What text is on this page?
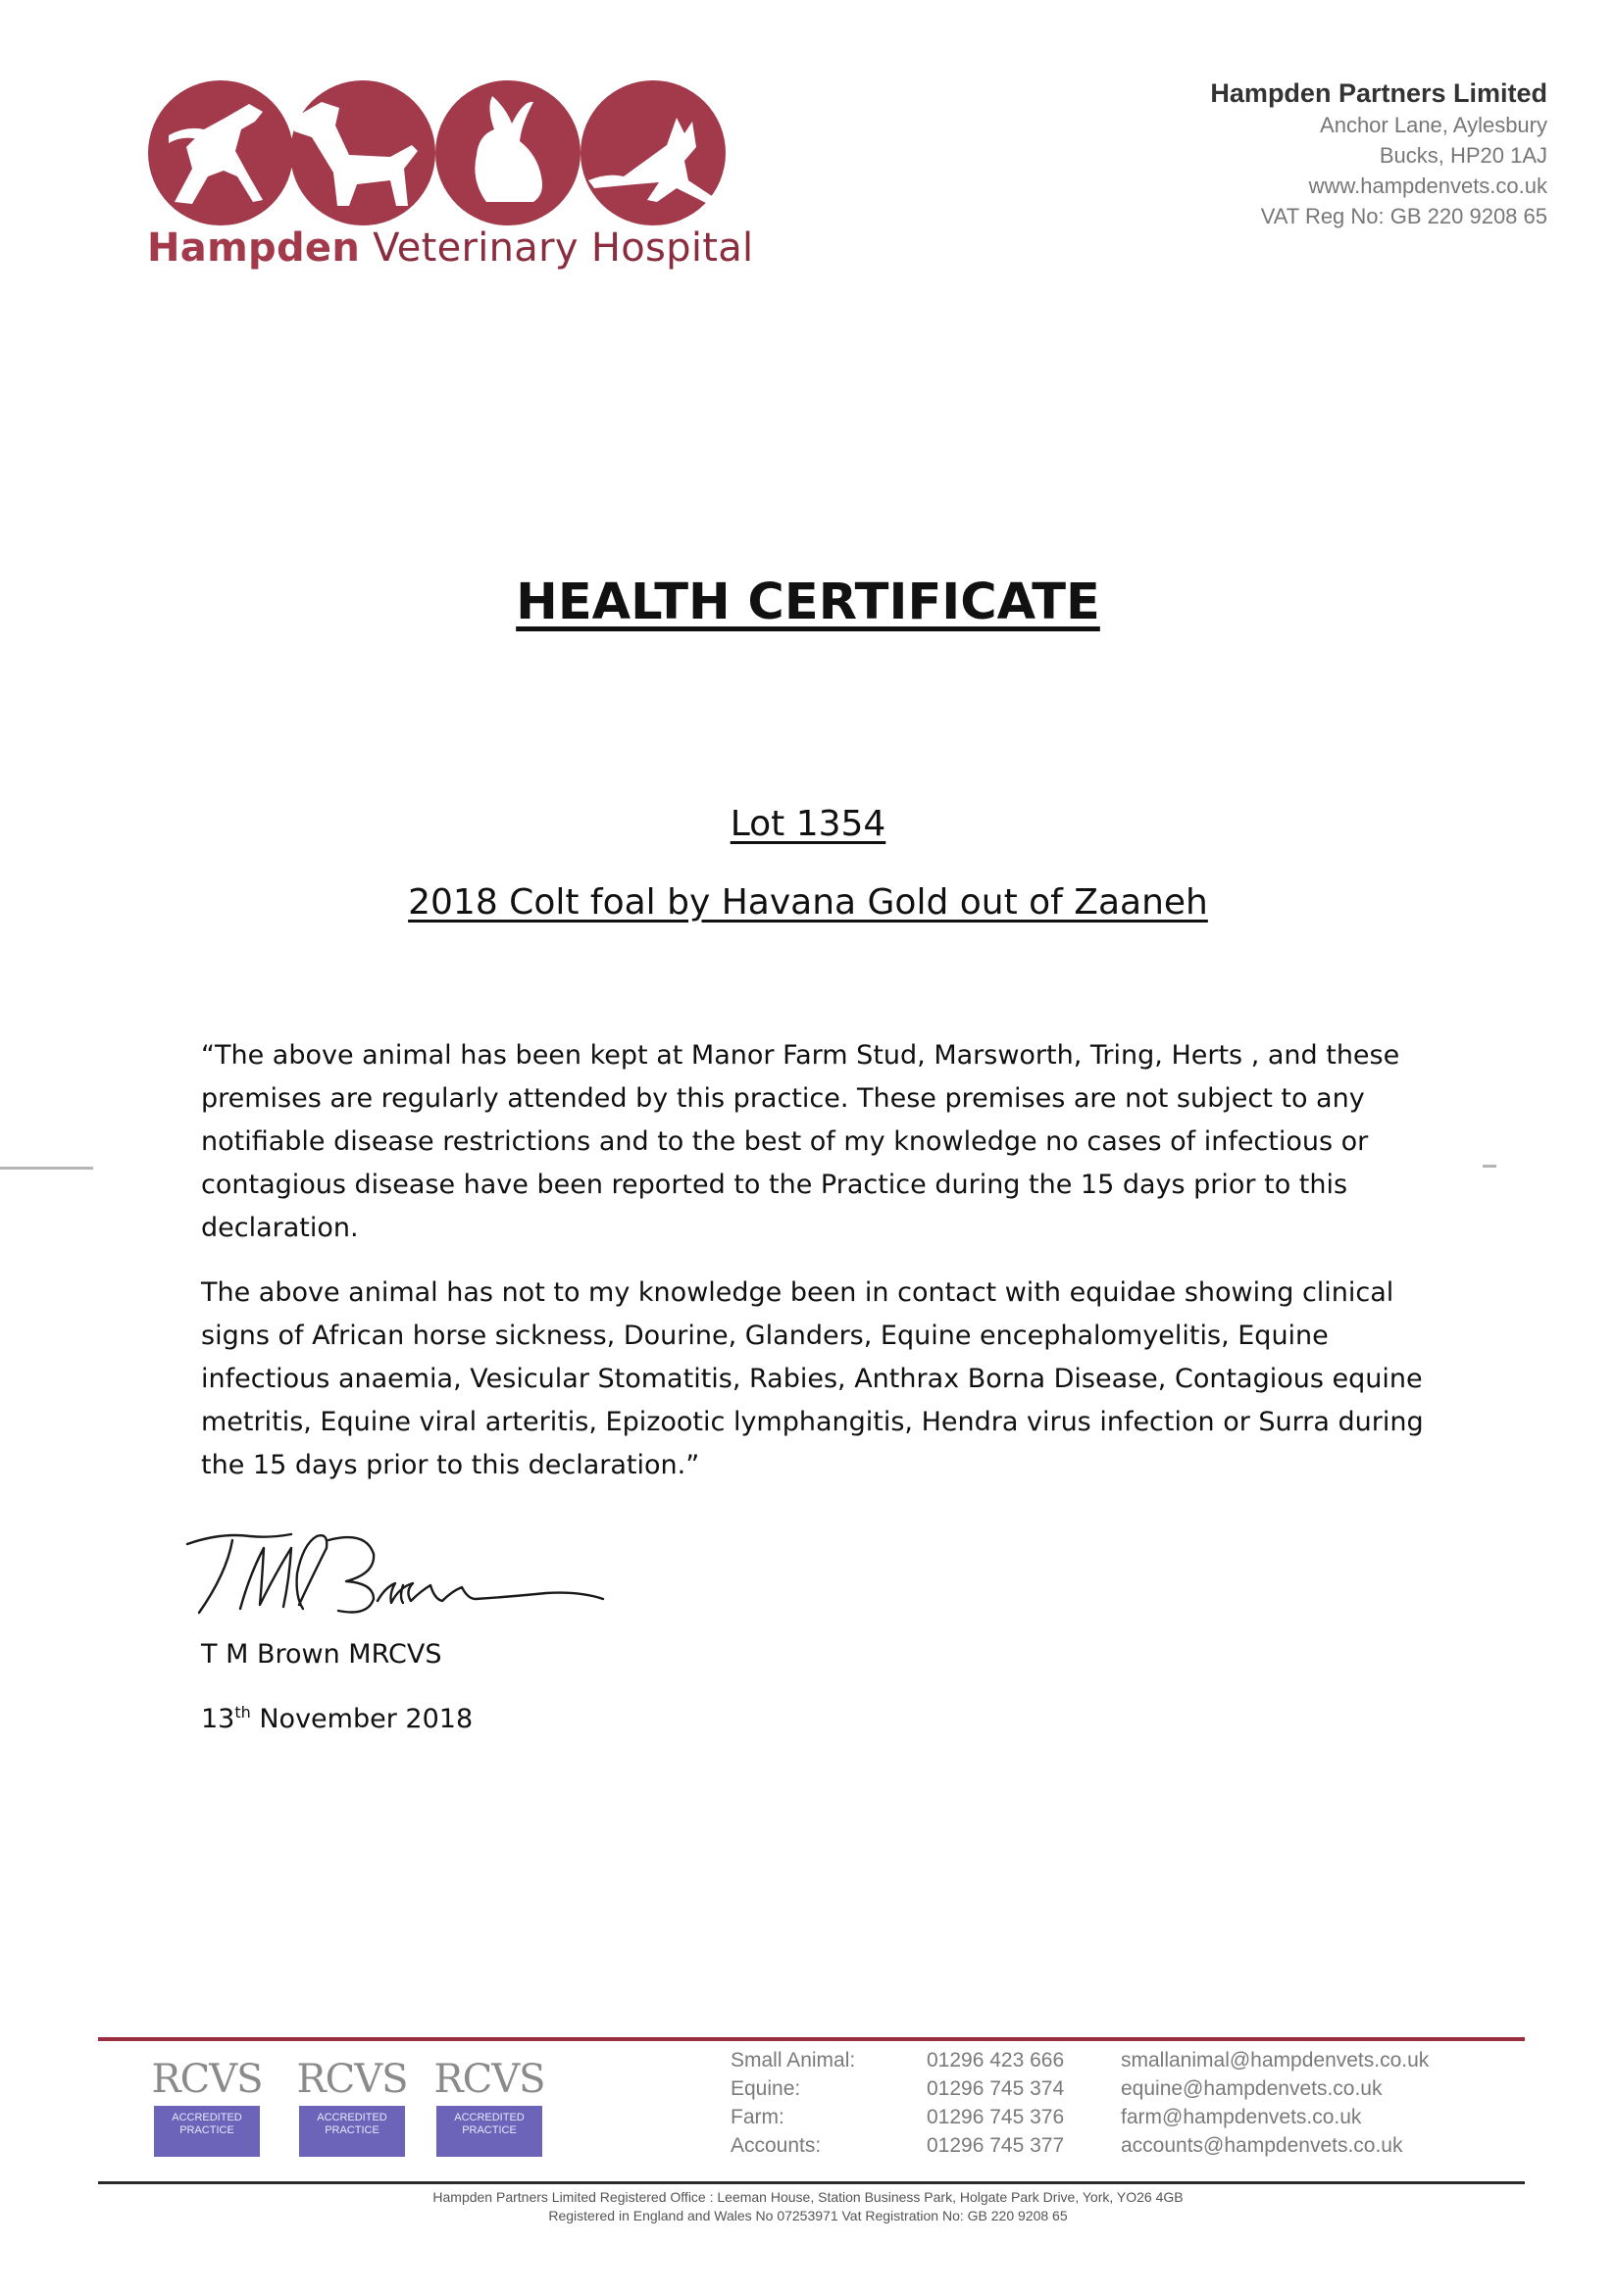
Hampden Veterinary Hospital
Hampden Partners Limited
Anchor Lane, Aylesbury
Bucks, HP20 1AJ
www.hampdenvets.co.uk
VAT Reg No: GB 220 9208 65
HEALTH CERTIFICATE
Lot 1354
2018 Colt foal by Havana Gold out of Zaaneh

“The above animal has been kept at Manor Farm Stud, Marsworth, Tring, Herts , and these premises are regularly attended by this practice. These premises are not subject to any notifiable disease restrictions and to the best of my knowledge no cases of infectious or contagious disease have been reported to the Practice during the 15 days prior to this declaration.

The above animal has not to my knowledge been in contact with equidae showing clinical signs of African horse sickness, Dourine, Glanders, Equine encephalomyelitis, Equine infectious anaemia, Vesicular Stomatitis, Rabies, Anthrax Borna Disease, Contagious equine metritis, Equine viral arteritis, Epizootic lymphangitis, Hendra virus infection or Surra during the 15 days prior to this declaration.”

TM Brown
T M Brown MRCVS
13th November 2018
RCVS
ACCREDITED PRACTICE
RCVS
ACCREDITED PRACTICE
RCVS
ACCREDITED PRACTICE
Small Animal:	01296 423 666	smallanimal@hampdenvets.co.uk
Equine:	01296 745 374	equine@hampdenvets.co.uk
Farm:	01296 745 376	farm@hampdenvets.co.uk
Accounts:	01296 745 377	accounts@hampdenvets.co.uk
Hampden Partners Limited Registered Office : Leeman House, Station Business Park, Holgate Park Drive, York, YO26 4GB
Registered in England and Wales No 07253971 Vat Registration No: GB 220 9208 65
